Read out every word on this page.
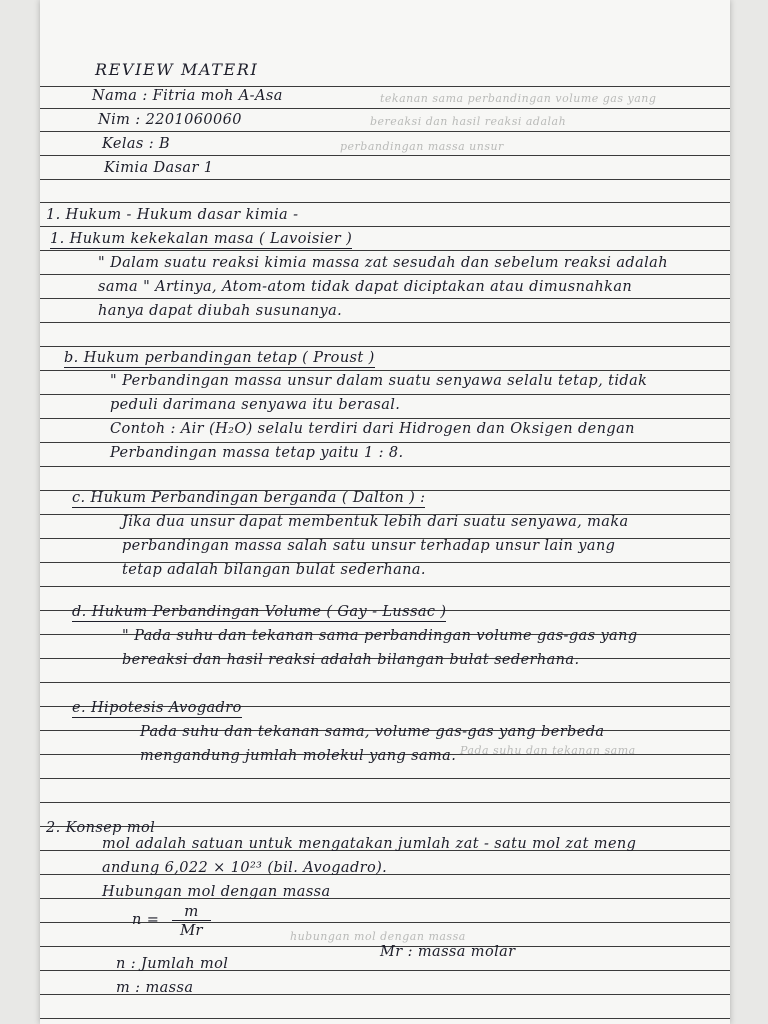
tekanan sama perbandingan volume gas yang
bereaksi dan hasil reaksi adalah
perbandingan massa unsur
Pada suhu dan tekanan sama
hubungan mol dengan massa
REVIEW MATERI
Nama : Fitria moh A-Asa
Nim : 2201060060
Kelas : B
Kimia Dasar 1
1. Hukum - Hukum dasar kimia -
1. Hukum kekekalan masa ( Lavoisier )
" Dalam suatu reaksi kimia massa zat sesudah dan sebelum reaksi adalah
sama " Artinya, Atom-atom tidak dapat diciptakan atau dimusnahkan
hanya dapat diubah susunanya.
b. Hukum perbandingan tetap ( Proust )
" Perbandingan massa unsur dalam suatu senyawa selalu tetap, tidak
peduli darimana senyawa itu berasal.
Contoh : Air (H₂O) selalu terdiri dari Hidrogen dan Oksigen dengan
Perbandingan massa tetap yaitu 1 : 8.
c. Hukum Perbandingan berganda ( Dalton ) :
Jika dua unsur dapat membentuk lebih dari suatu senyawa, maka
perbandingan massa salah satu unsur terhadap unsur lain yang
tetap adalah bilangan bulat sederhana.
d. Hukum Perbandingan Volume ( Gay - Lussac )
" Pada suhu dan tekanan sama perbandingan volume gas-gas yang
bereaksi dan hasil reaksi adalah bilangan bulat sederhana.
e. Hipotesis Avogadro
Pada suhu dan tekanan sama, volume gas-gas yang berbeda
mengandung jumlah molekul yang sama.
2. Konsep mol
mol adalah satuan untuk mengatakan jumlah zat - satu mol zat meng
andung 6,022 × 10²³ (bil. Avogadro).
Hubungan mol dengan massa
$n = \frac{m}{Mr}$
Mr : massa molar
n : Jumlah mol
m : massa
